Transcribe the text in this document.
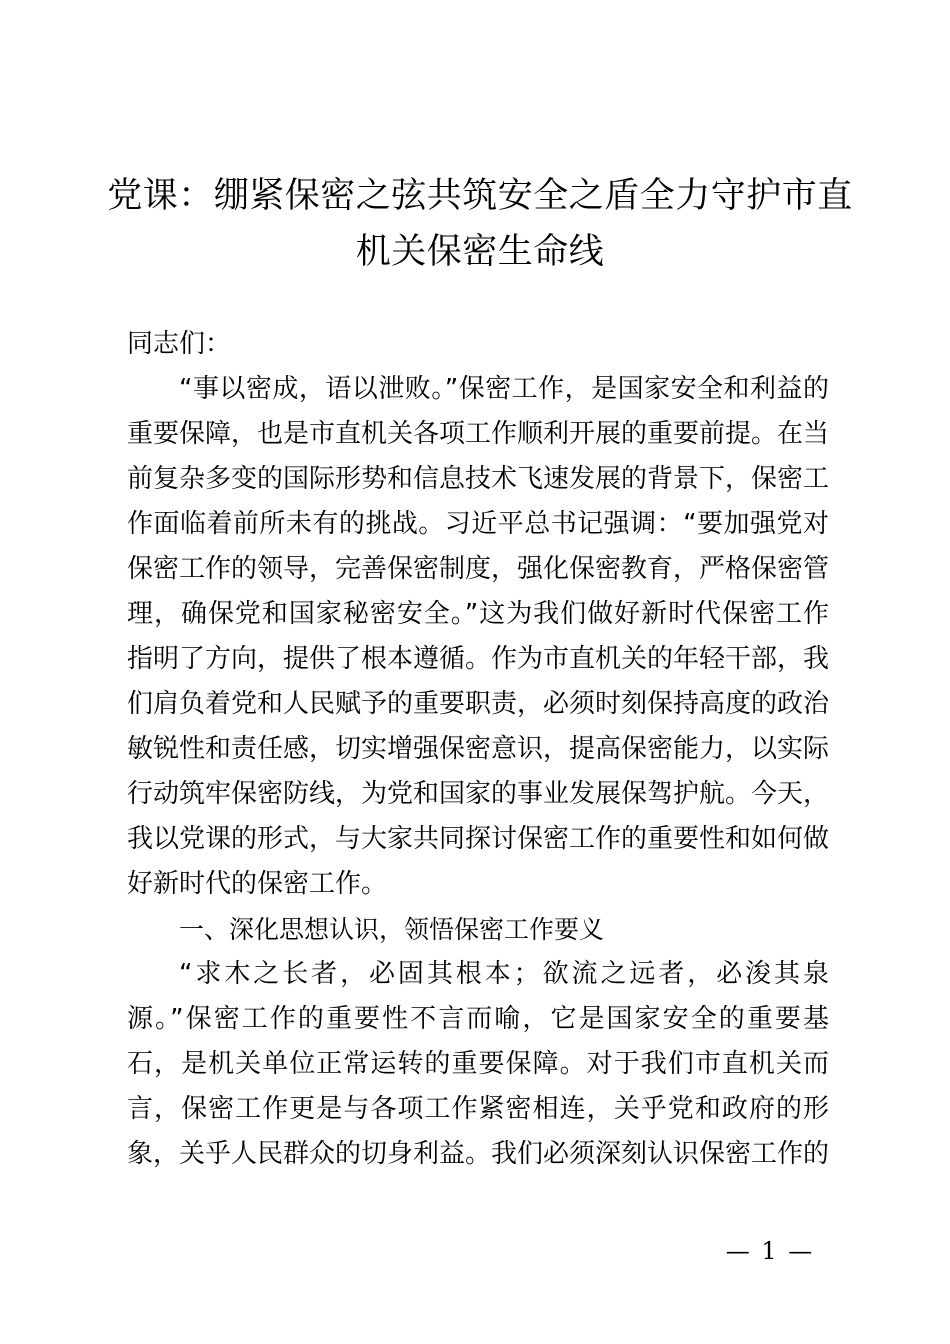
党课：绷紧保密之弦共筑安全之盾全力守护市直机关保密生命线

同志们：

“事以密成，语以泄败。”保密工作，是国家安全和利益的重要保障，也是市直机关各项工作顺利开展的重要前提。在当前复杂多变的国际形势和信息技术飞速发展的背景下，保密工作面临着前所未有的挑战。习近平总书记强调：“要加强党对保密工作的领导，完善保密制度，强化保密教育，严格保密管理，确保党和国家秘密安全。”这为我们做好新时代保密工作指明了方向，提供了根本遵循。作为市直机关的年轻干部，我们肩负着党和人民赋予的重要职责，必须时刻保持高度的政治敏锐性和责任感，切实增强保密意识，提高保密能力，以实际行动筑牢保密防线，为党和国家的事业发展保驾护航。今天，我以党课的形式，与大家共同探讨保密工作的重要性和如何做好新时代的保密工作。

一、深化思想认识，领悟保密工作要义

“求木之长者，必固其根本；欲流之远者，必浚其泉源。”保密工作的重要性不言而喻，它是国家安全的重要基石，是机关单位正常运转的重要保障。对于我们市直机关而言，保密工作更是与各项工作紧密相连，关乎党和政府的形象，关乎人民群众的切身利益。我们必须深刻认识保密工作的

— 1 —
